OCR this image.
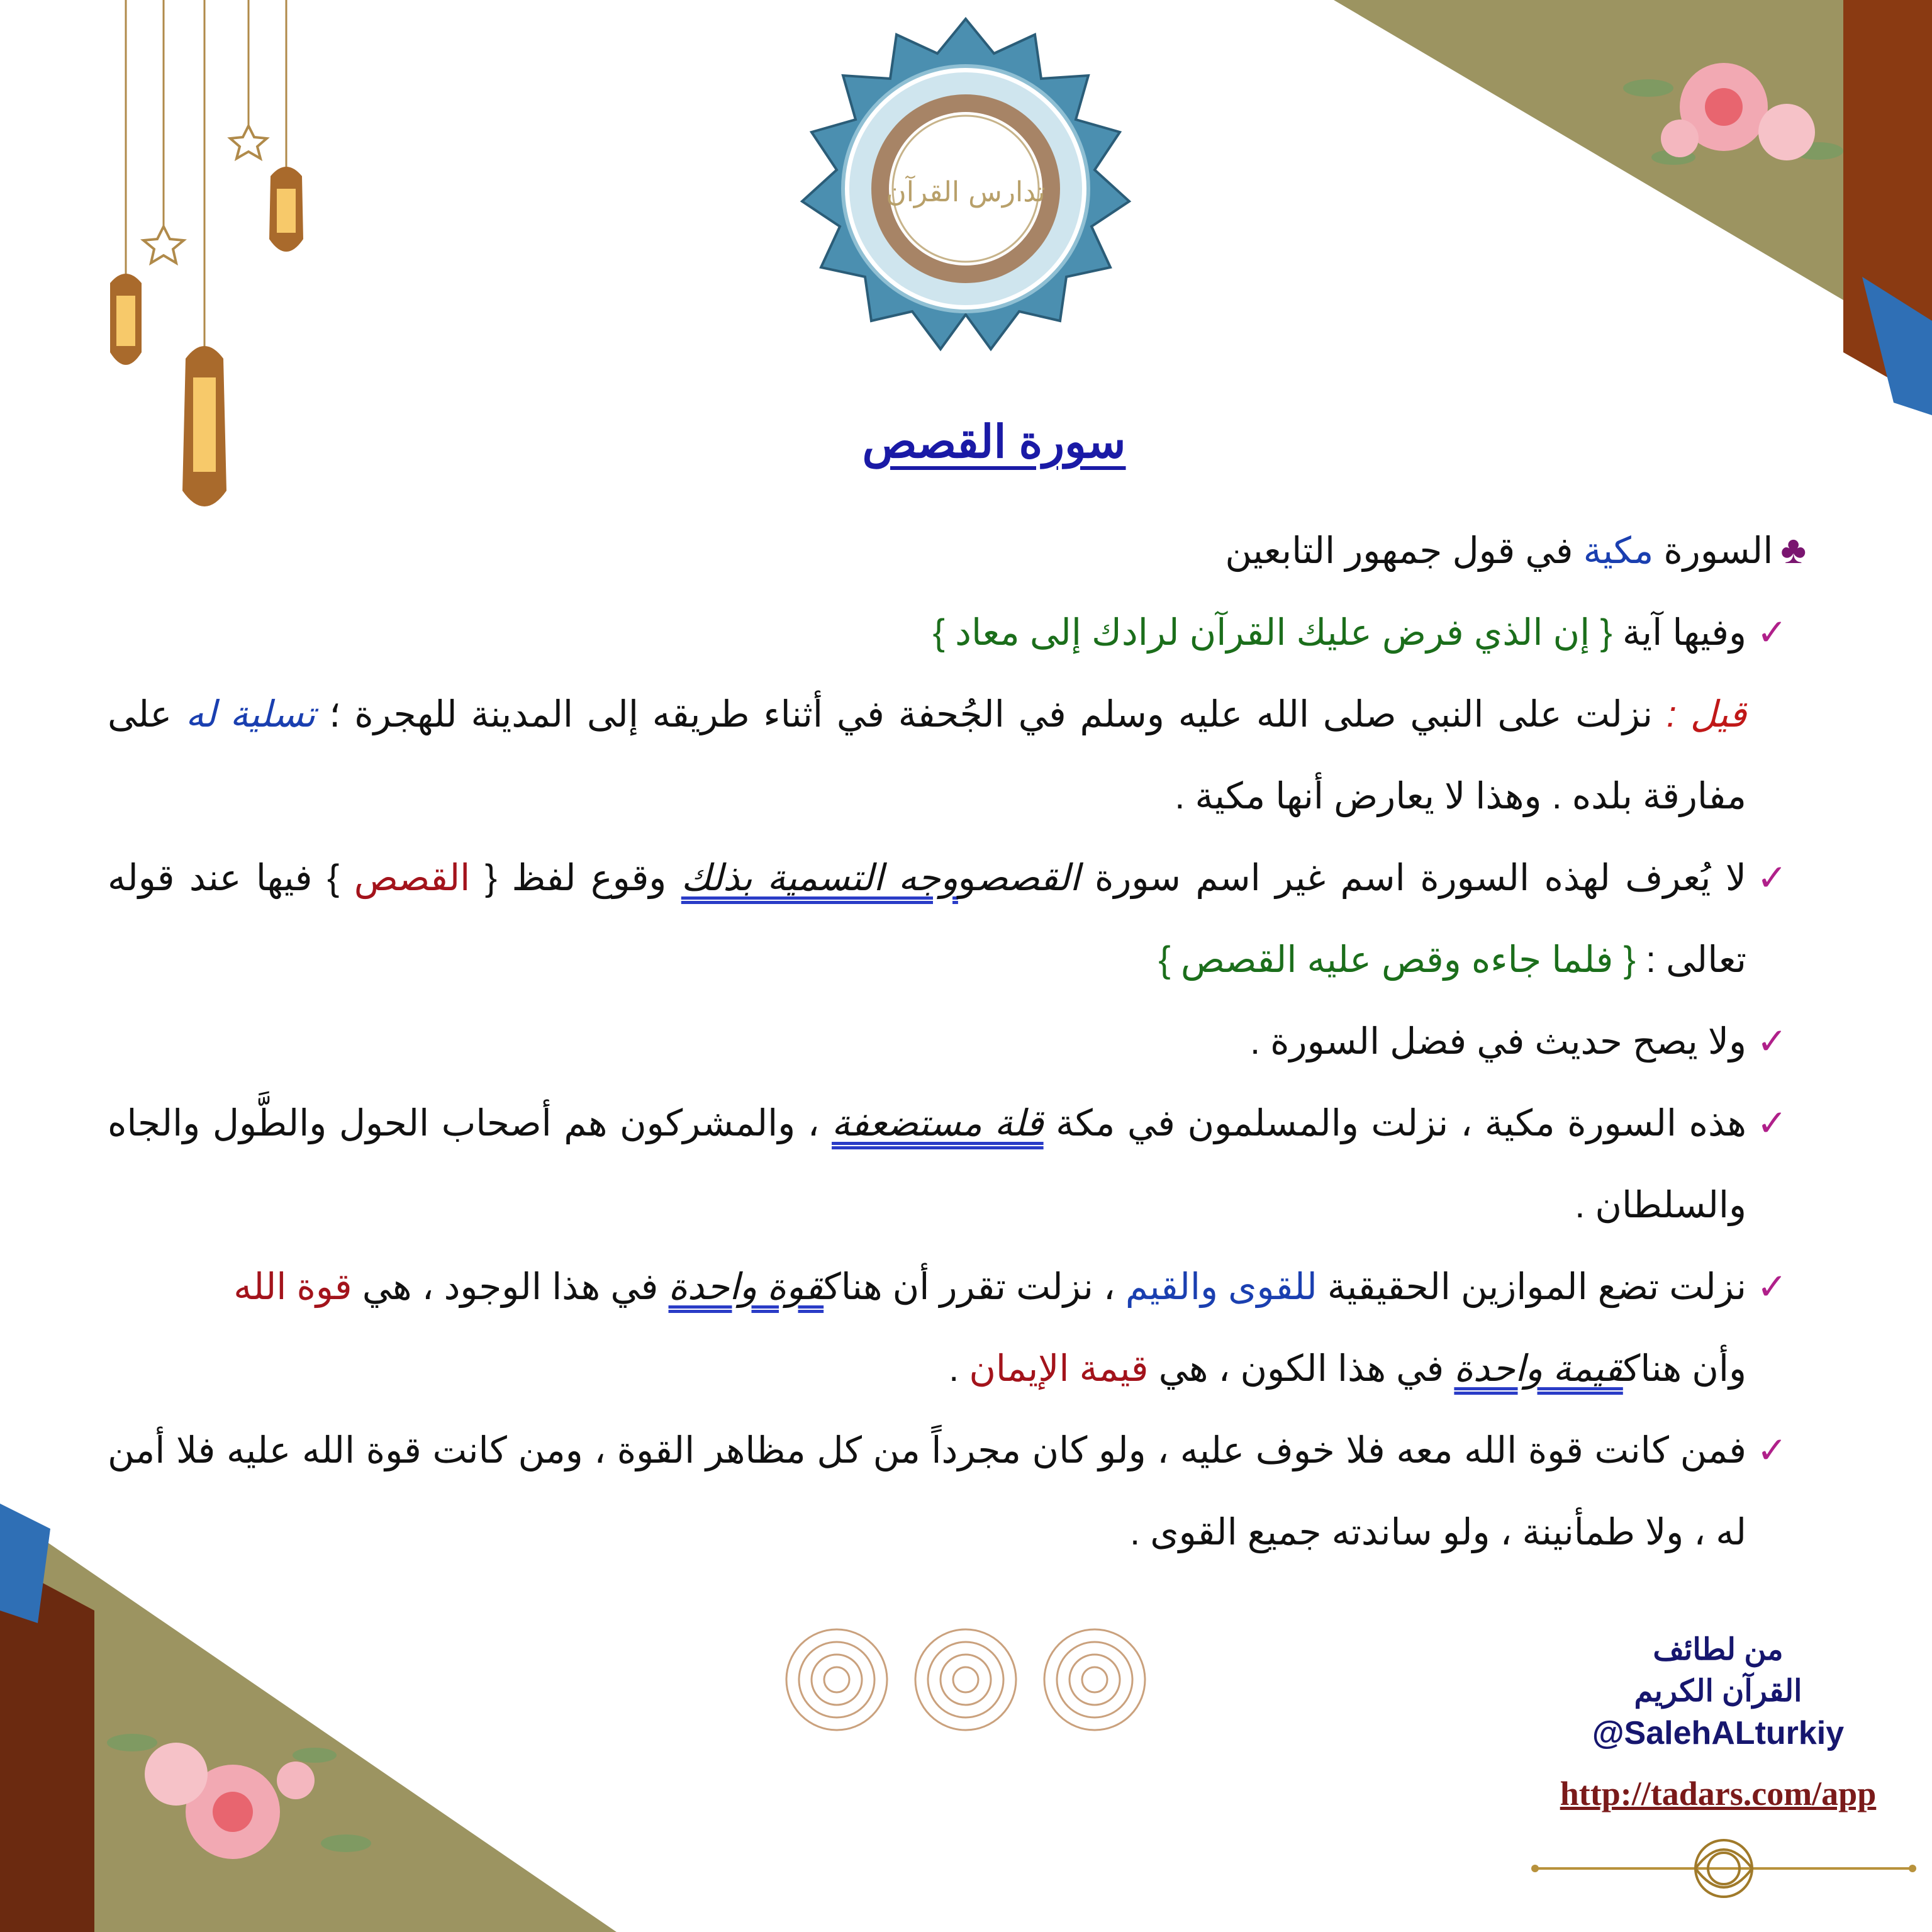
تدارس القرآن
سورة القصص
♣السورة مكية في قول جمهور التابعين
✓
وفيها آية { إن الذي فرض عليك القرآن لرادك إلى معاد }
قيل : نزلت على النبي صلى الله عليه وسلم في الجُحفة في أثناء طريقه إلى المدينة للهجرة ؛ تسلية له على مفارقة بلده . وهذا لا يعارض أنها مكية .
✓
لا يُعرف لهذه السورة اسم غير اسم سورة القصصووجه التسمية بذلك وقوع لفظ { القصص } فيها عند قوله تعالى : { فلما جاءه وقص عليه القصص }
✓
ولا يصح حديث في فضل السورة .
✓
هذه السورة مكية ، نزلت والمسلمون في مكة قلة مستضعفة ، والمشركون هم أصحاب الحول والطَّول والجاه والسلطان .
✓
نزلت تضع الموازين الحقيقية للقوى والقيم ، نزلت تقرر أن هناكقوة واحدة في هذا الوجود ، هي قوة الله
وأن هناكقيمة واحدة في هذا الكون ، هي قيمة الإيمان .
✓
فمن كانت قوة الله معه فلا خوف عليه ، ولو كان مجرداً من كل مظاهر القوة ، ومن كانت قوة الله عليه فلا أمن له ، ولا طمأنينة ، ولو ساندته جميع القوى .
من لطائف
القرآن الكريم
@SalehALturkiy
http://tadars.com/app
